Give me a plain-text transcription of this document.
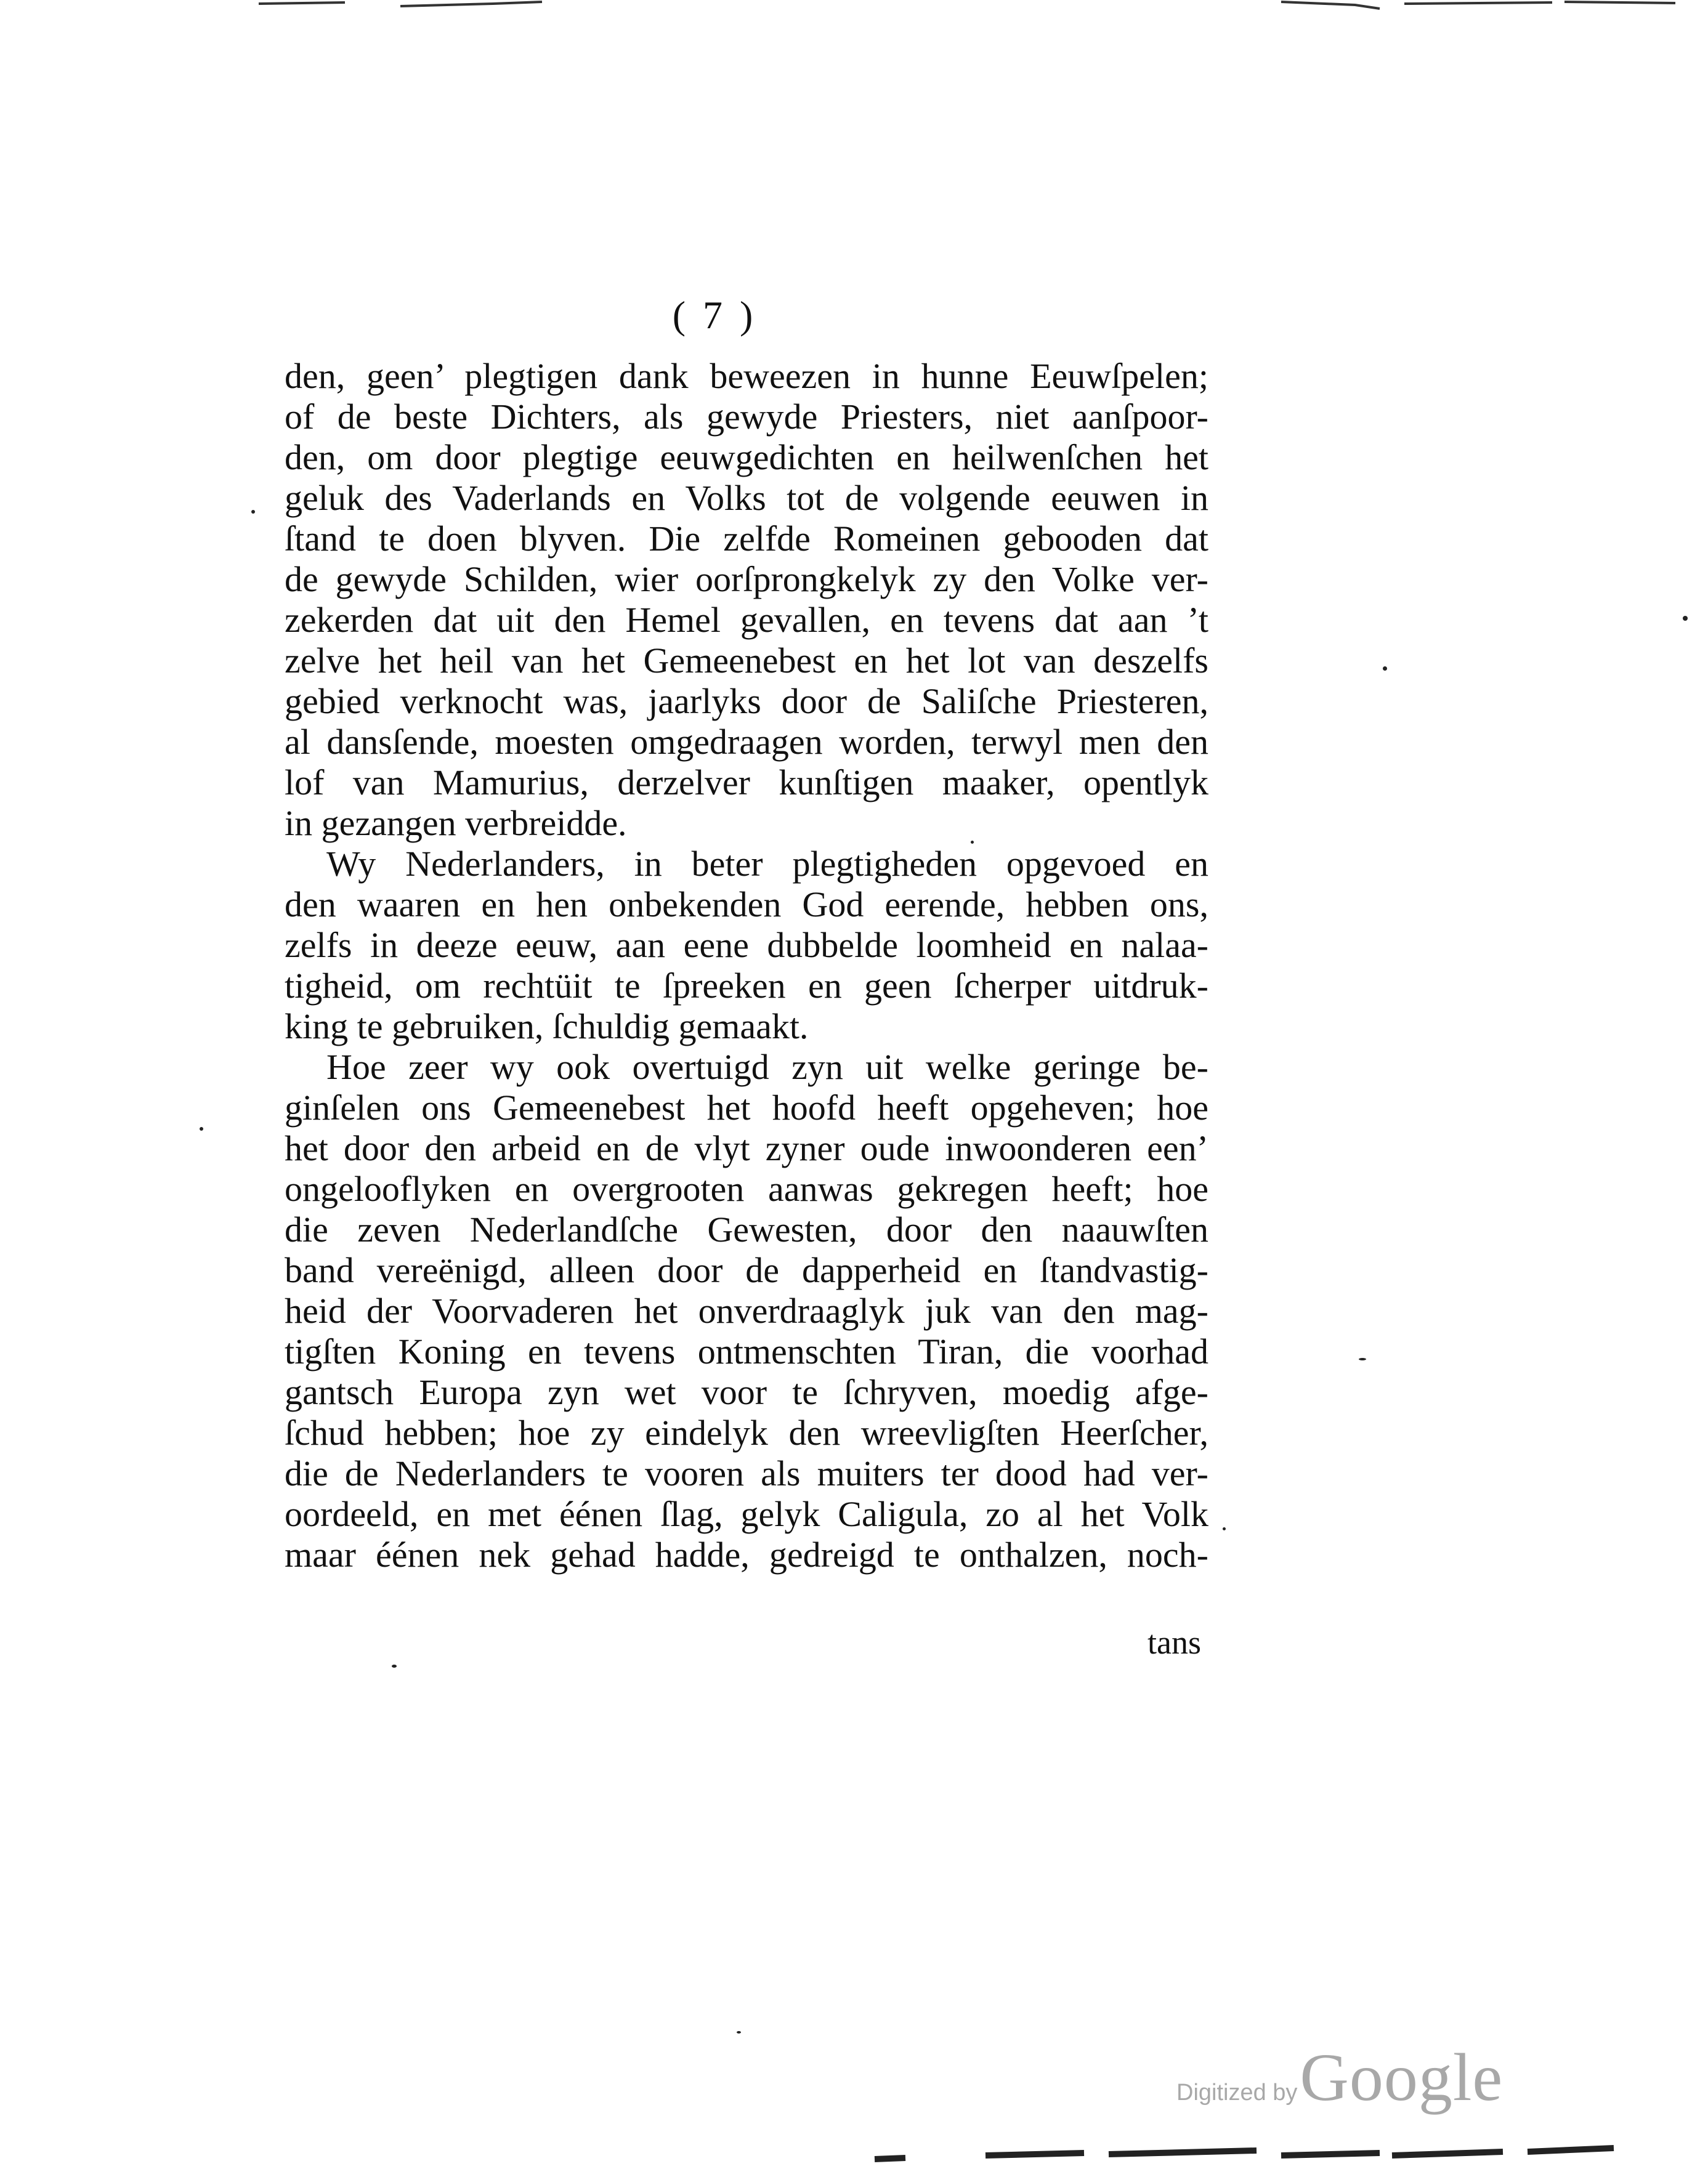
( 7 )
den, geen’ plegtigen dank beweezen in hunne Eeuwſpelen;
of de beste Dichters, als gewyde Priesters, niet aanſpoor-
den, om door plegtige eeuwgedichten en heilwenſchen het
geluk des Vaderlands en Volks tot de volgende eeuwen in
ſtand te doen blyven. Die zelfde Romeinen gebooden dat
de gewyde Schilden, wier oorſprongkelyk zy den Volke ver-
zekerden dat uit den Hemel gevallen, en tevens dat aan ’t
zelve het heil van het Gemeenebest en het lot van deszelfs
gebied verknocht was, jaarlyks door de Saliſche Priesteren,
al dansſende, moesten omgedraagen worden, terwyl men den
lof van Mamurius, derzelver kunſtigen maaker, opentlyk
in gezangen verbreidde.
Wy Nederlanders, in beter plegtigheden opgevoed en
den waaren en hen onbekenden God eerende, hebben ons,
zelfs in deeze eeuw, aan eene dubbelde loomheid en nalaa-
tigheid, om rechtüit te ſpreeken en geen ſcherper uitdruk-
king te gebruiken, ſchuldig gemaakt.
Hoe zeer wy ook overtuigd zyn uit welke geringe be-
ginſelen ons Gemeenebest het hoofd heeft opgeheven; hoe
het door den arbeid en de vlyt zyner oude inwoonderen een’
ongelooflyken en overgrooten aanwas gekregen heeft; hoe
die zeven Nederlandſche Gewesten, door den naauwſten
band vereënigd, alleen door de dapperheid en ſtandvastig-
heid der Voorvaderen het onverdraaglyk juk van den mag-
tigſten Koning en tevens ontmenschten Tiran, die voorhad
gantsch Europa zyn wet voor te ſchryven, moedig afge-
ſchud hebben; hoe zy eindelyk den wreevligſten Heerſcher,
die de Nederlanders te vooren als muiters ter dood had ver-
oordeeld, en met éénen ſlag, gelyk Caligula, zo al het Volk
maar éénen nek gehad hadde, gedreigd te onthalzen, noch-
tans
Digitized by Google
